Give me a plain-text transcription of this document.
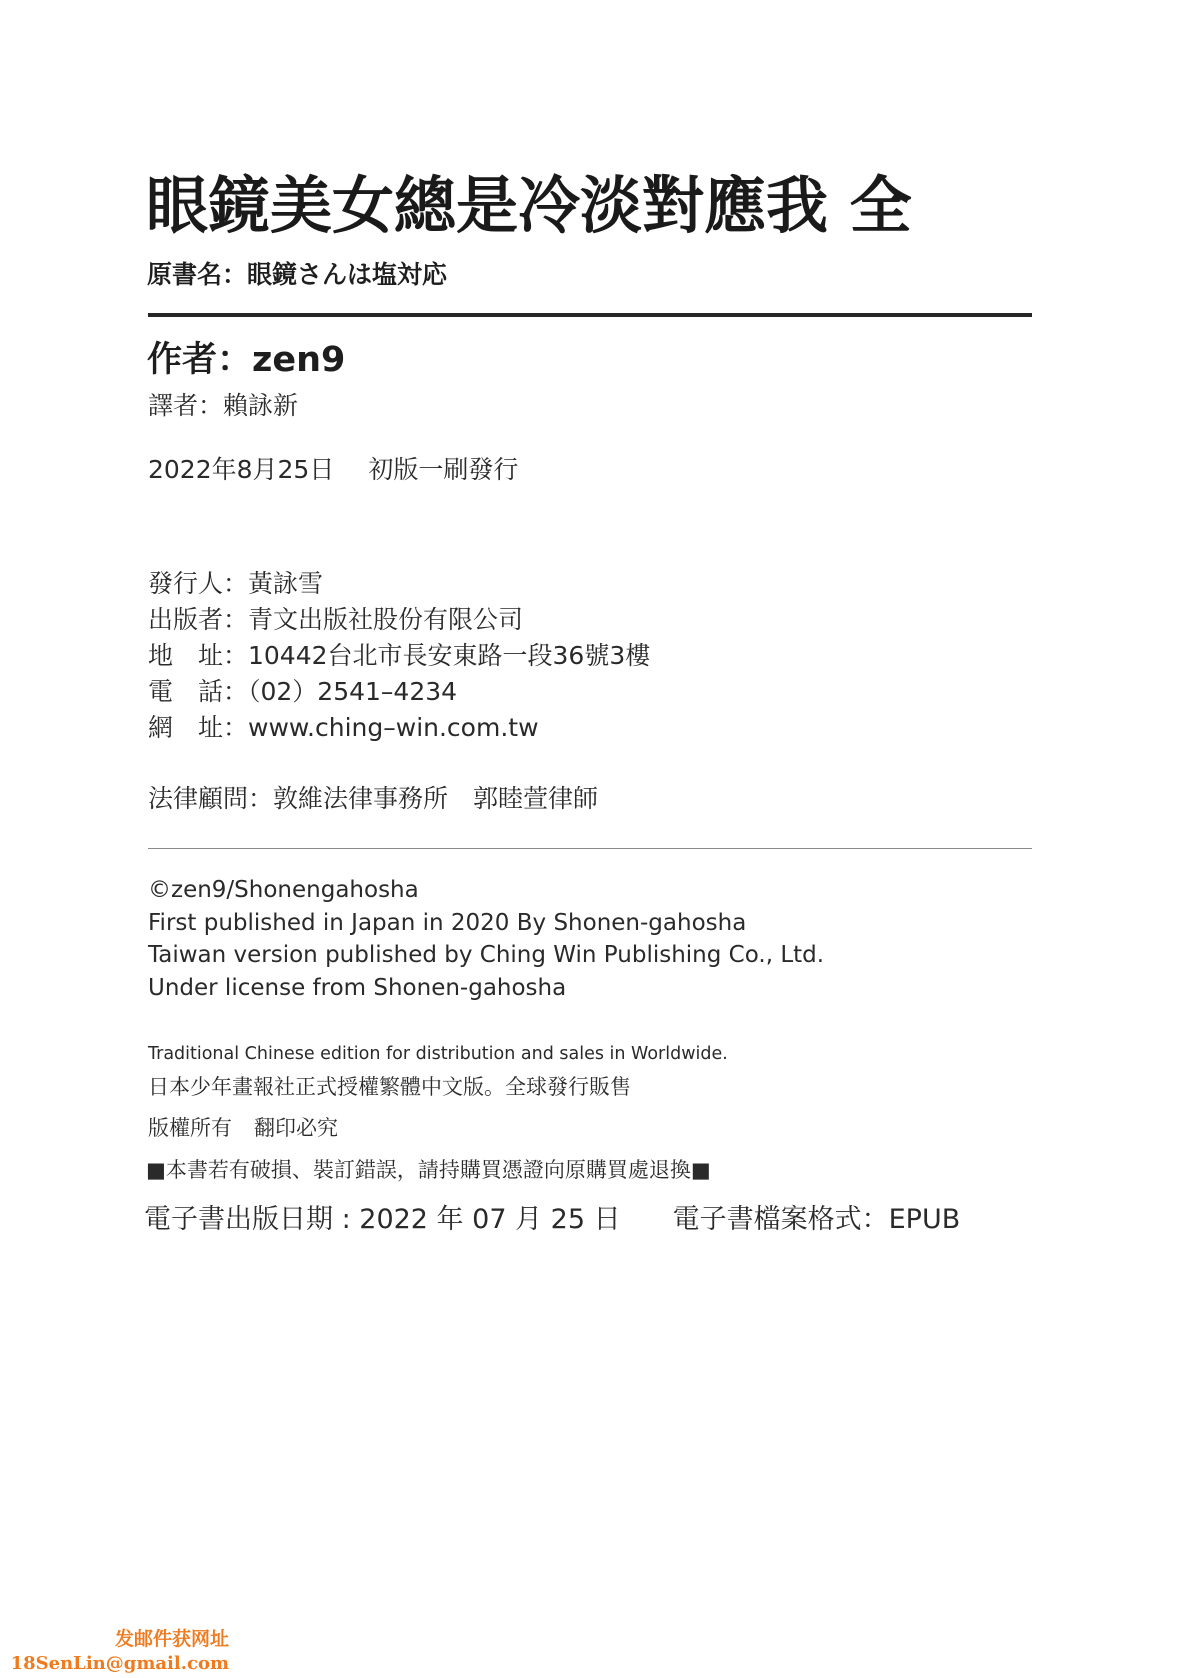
眼鏡美女總是冷淡對應我 全
原書名：眼鏡さんは塩対応
作者：zen9
譯者：賴詠新
2022年8月25日 初版一刷發行
發行人：黃詠雪
出版者：青文出版社股份有限公司
地　址：10442台北市長安東路一段36號3樓
電　話：（02）2541–4234
網　址：www.ching–win.com.tw
法律顧問：敦維法律事務所　郭睦萱律師
©zen9/Shonengahosha
First published in Japan in 2020 By Shonen-gahosha
Taiwan version published by Ching Win Publishing Co., Ltd.
Under license from Shonen-gahosha
Traditional Chinese edition for distribution and sales in Worldwide.
日本少年畫報社正式授權繁體中文版。全球發行販售
版權所有 翻印必究
■本書若有破損、裝訂錯誤，請持購買憑證向原購買處退換■
電子書出版日期 : 2022 年 07 月 25 日 電子書檔案格式：EPUB
发邮件获网址
18SenLin@gmail.com
